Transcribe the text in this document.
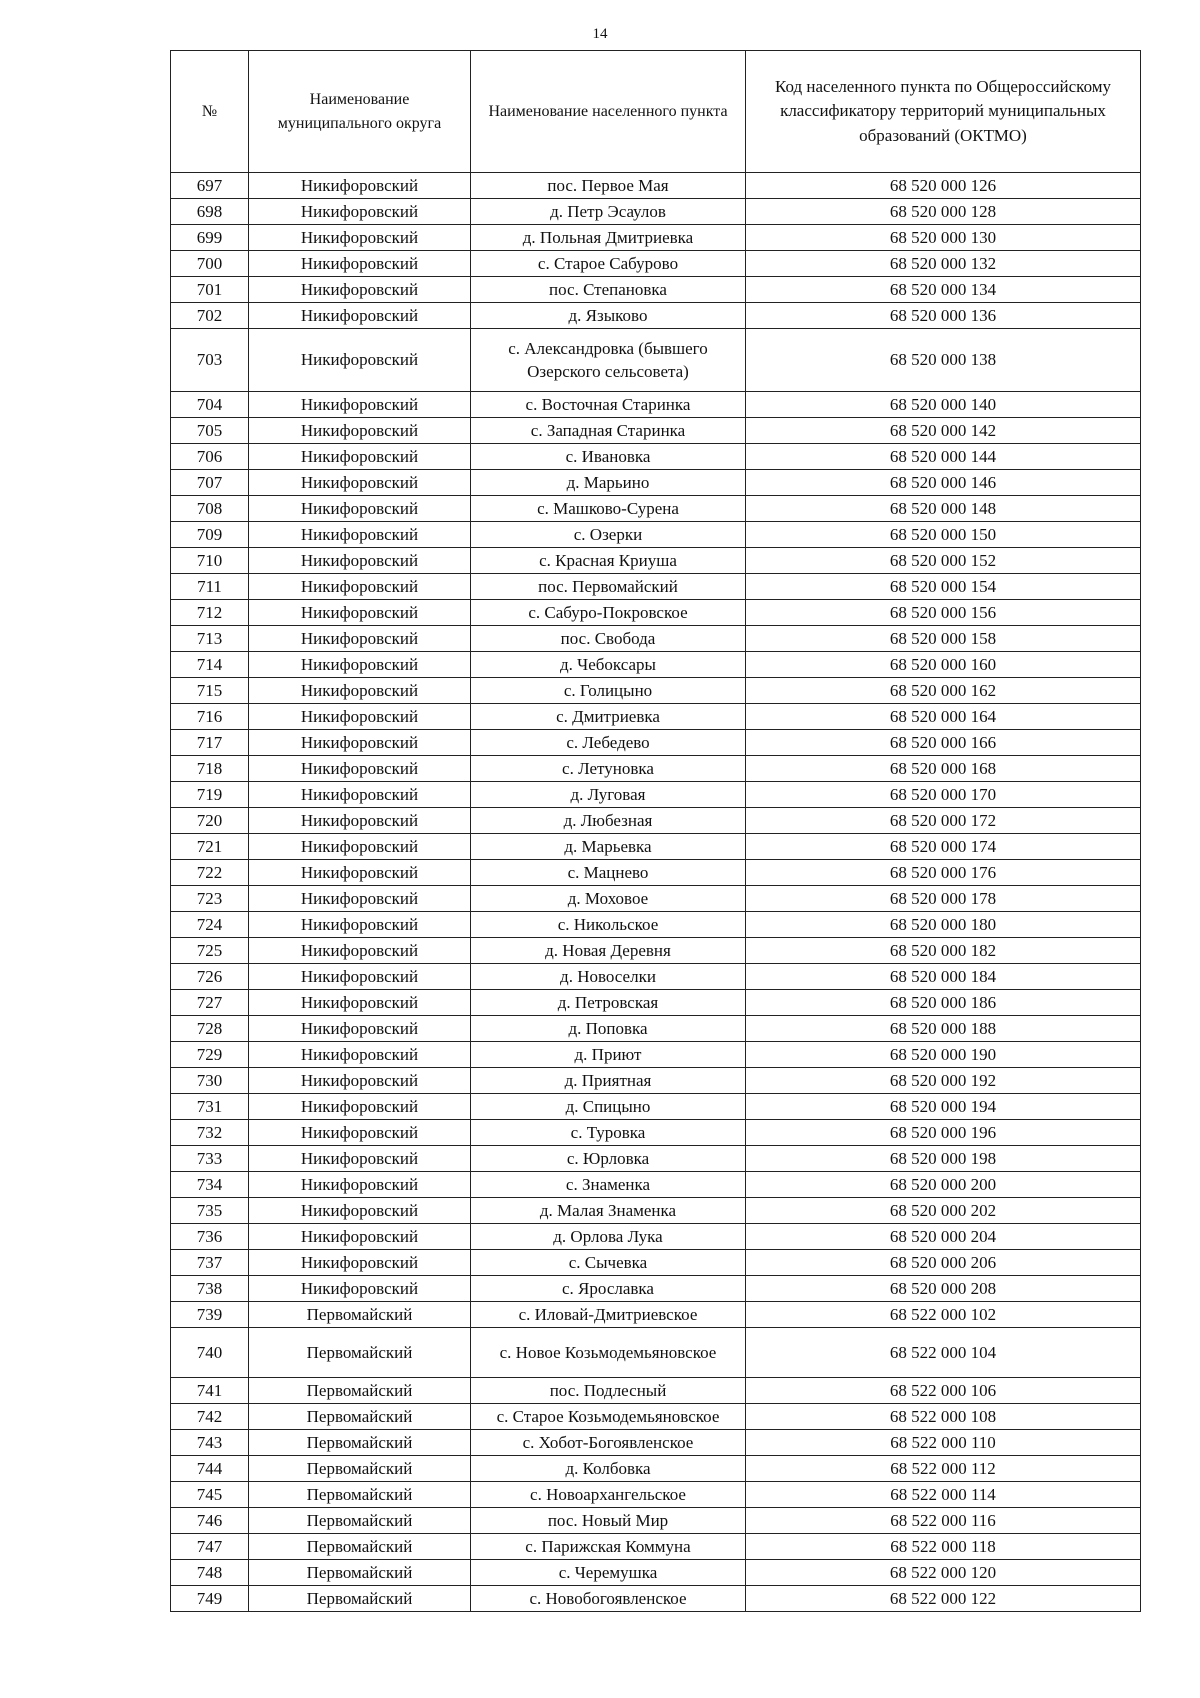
14
№	Наименование муниципального округа	Наименование населенного пункта	Код населенного пункта по Общероссийскому классификатору территорий муниципальных образований (ОКТМО)
697	Никифоровский	пос. Первое Мая	68 520 000 126
698	Никифоровский	д. Петр Эсаулов	68 520 000 128
699	Никифоровский	д. Польная Дмитриевка	68 520 000 130
700	Никифоровский	с. Старое Сабурово	68 520 000 132
701	Никифоровский	пос. Степановка	68 520 000 134
702	Никифоровский	д. Языково	68 520 000 136
703	Никифоровский	с. Александровка (бывшего Озерского сельсовета)	68 520 000 138
704	Никифоровский	с. Восточная Старинка	68 520 000 140
705	Никифоровский	с. Западная Старинка	68 520 000 142
706	Никифоровский	с. Ивановка	68 520 000 144
707	Никифоровский	д. Марьино	68 520 000 146
708	Никифоровский	с. Машково-Сурена	68 520 000 148
709	Никифоровский	с. Озерки	68 520 000 150
710	Никифоровский	с. Красная Криуша	68 520 000 152
711	Никифоровский	пос. Первомайский	68 520 000 154
712	Никифоровский	с. Сабуро-Покровское	68 520 000 156
713	Никифоровский	пос. Свобода	68 520 000 158
714	Никифоровский	д. Чебоксары	68 520 000 160
715	Никифоровский	с. Голицыно	68 520 000 162
716	Никифоровский	с. Дмитриевка	68 520 000 164
717	Никифоровский	с. Лебедево	68 520 000 166
718	Никифоровский	с. Летуновка	68 520 000 168
719	Никифоровский	д. Луговая	68 520 000 170
720	Никифоровский	д. Любезная	68 520 000 172
721	Никифоровский	д. Марьевка	68 520 000 174
722	Никифоровский	с. Мацнево	68 520 000 176
723	Никифоровский	д. Моховое	68 520 000 178
724	Никифоровский	с. Никольское	68 520 000 180
725	Никифоровский	д. Новая Деревня	68 520 000 182
726	Никифоровский	д. Новоселки	68 520 000 184
727	Никифоровский	д. Петровская	68 520 000 186
728	Никифоровский	д. Поповка	68 520 000 188
729	Никифоровский	д. Приют	68 520 000 190
730	Никифоровский	д. Приятная	68 520 000 192
731	Никифоровский	д. Спицыно	68 520 000 194
732	Никифоровский	с. Туровка	68 520 000 196
733	Никифоровский	с. Юрловка	68 520 000 198
734	Никифоровский	с. Знаменка	68 520 000 200
735	Никифоровский	д. Малая Знаменка	68 520 000 202
736	Никифоровский	д. Орлова Лука	68 520 000 204
737	Никифоровский	с. Сычевка	68 520 000 206
738	Никифоровский	с. Ярославка	68 520 000 208
739	Первомайский	с. Иловай-Дмитриевское	68 522 000 102
740	Первомайский	с. Новое Козьмодемьяновское	68 522 000 104
741	Первомайский	пос. Подлесный	68 522 000 106
742	Первомайский	с. Старое Козьмодемьяновское	68 522 000 108
743	Первомайский	с. Хобот-Богоявленское	68 522 000 110
744	Первомайский	д. Колбовка	68 522 000 112
745	Первомайский	с. Новоархангельское	68 522 000 114
746	Первомайский	пос. Новый Мир	68 522 000 116
747	Первомайский	с. Парижская Коммуна	68 522 000 118
748	Первомайский	с. Черемушка	68 522 000 120
749	Первомайский	с. Новобогоявленское	68 522 000 122
